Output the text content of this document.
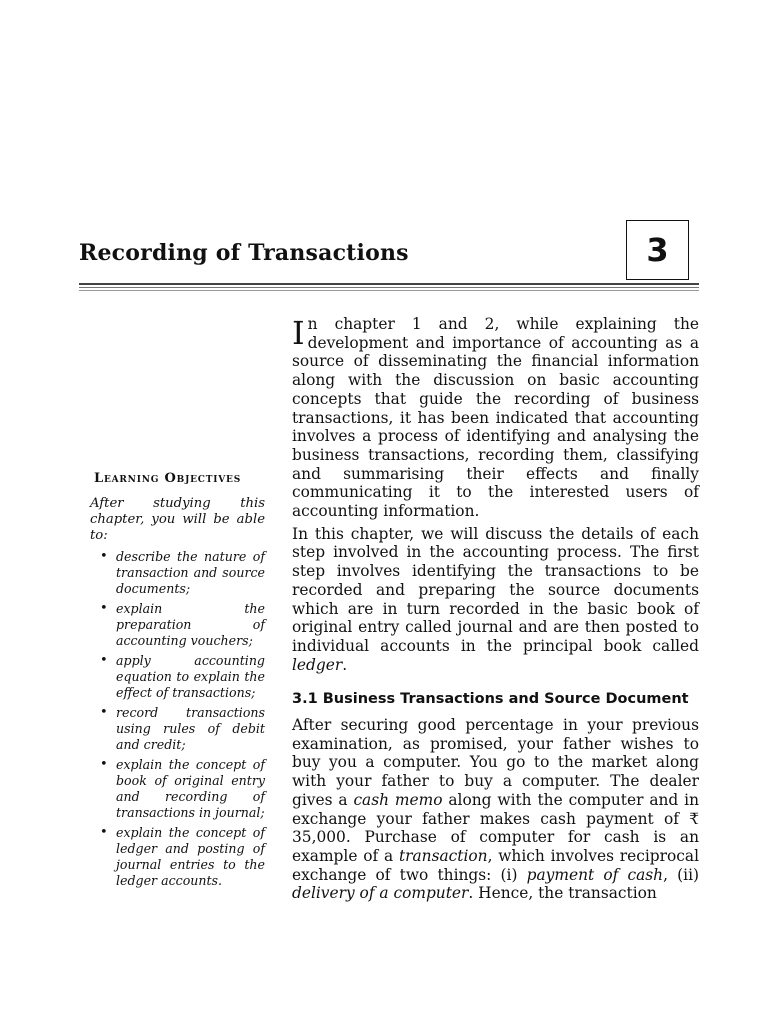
Recording of Transactions	3
Learning Objectives
After studying this chapter, you will be able to:
• describe the nature of transaction and source documents;
• explain the preparation of accounting vouchers;
• apply accounting equation to explain the effect of transactions;
• record transactions using rules of debit and credit;
• explain the concept of book of original entry and recording of transactions in journal;
• explain the concept of ledger and posting of journal entries to the ledger accounts.

In chapter 1 and 2, while explaining the development and importance of accounting as a source of disseminating the financial information along with the discussion on basic accounting concepts that guide the recording of business transactions, it has been indicated that accounting involves a process of identifying and analysing the business transactions, recording them, classifying and summarising their effects and finally communicating it to the interested users of accounting information.

In this chapter, we will discuss the details of each step involved in the accounting process. The first step involves identifying the transactions to be recorded and preparing the source documents which are in turn recorded in the basic book of original entry called journal and are then posted to individual accounts in the principal book called ledger.

3.1 Business Transactions and Source Document

After securing good percentage in your previous examination, as promised, your father wishes to buy you a computer. You go to the market along with your father to buy a computer. The dealer gives a cash memo along with the computer and in exchange your father makes cash payment of ₹ 35,000. Purchase of computer for cash is an example of a transaction, which involves reciprocal exchange of two things: (i) payment of cash, (ii) delivery of a computer. Hence, the transaction
